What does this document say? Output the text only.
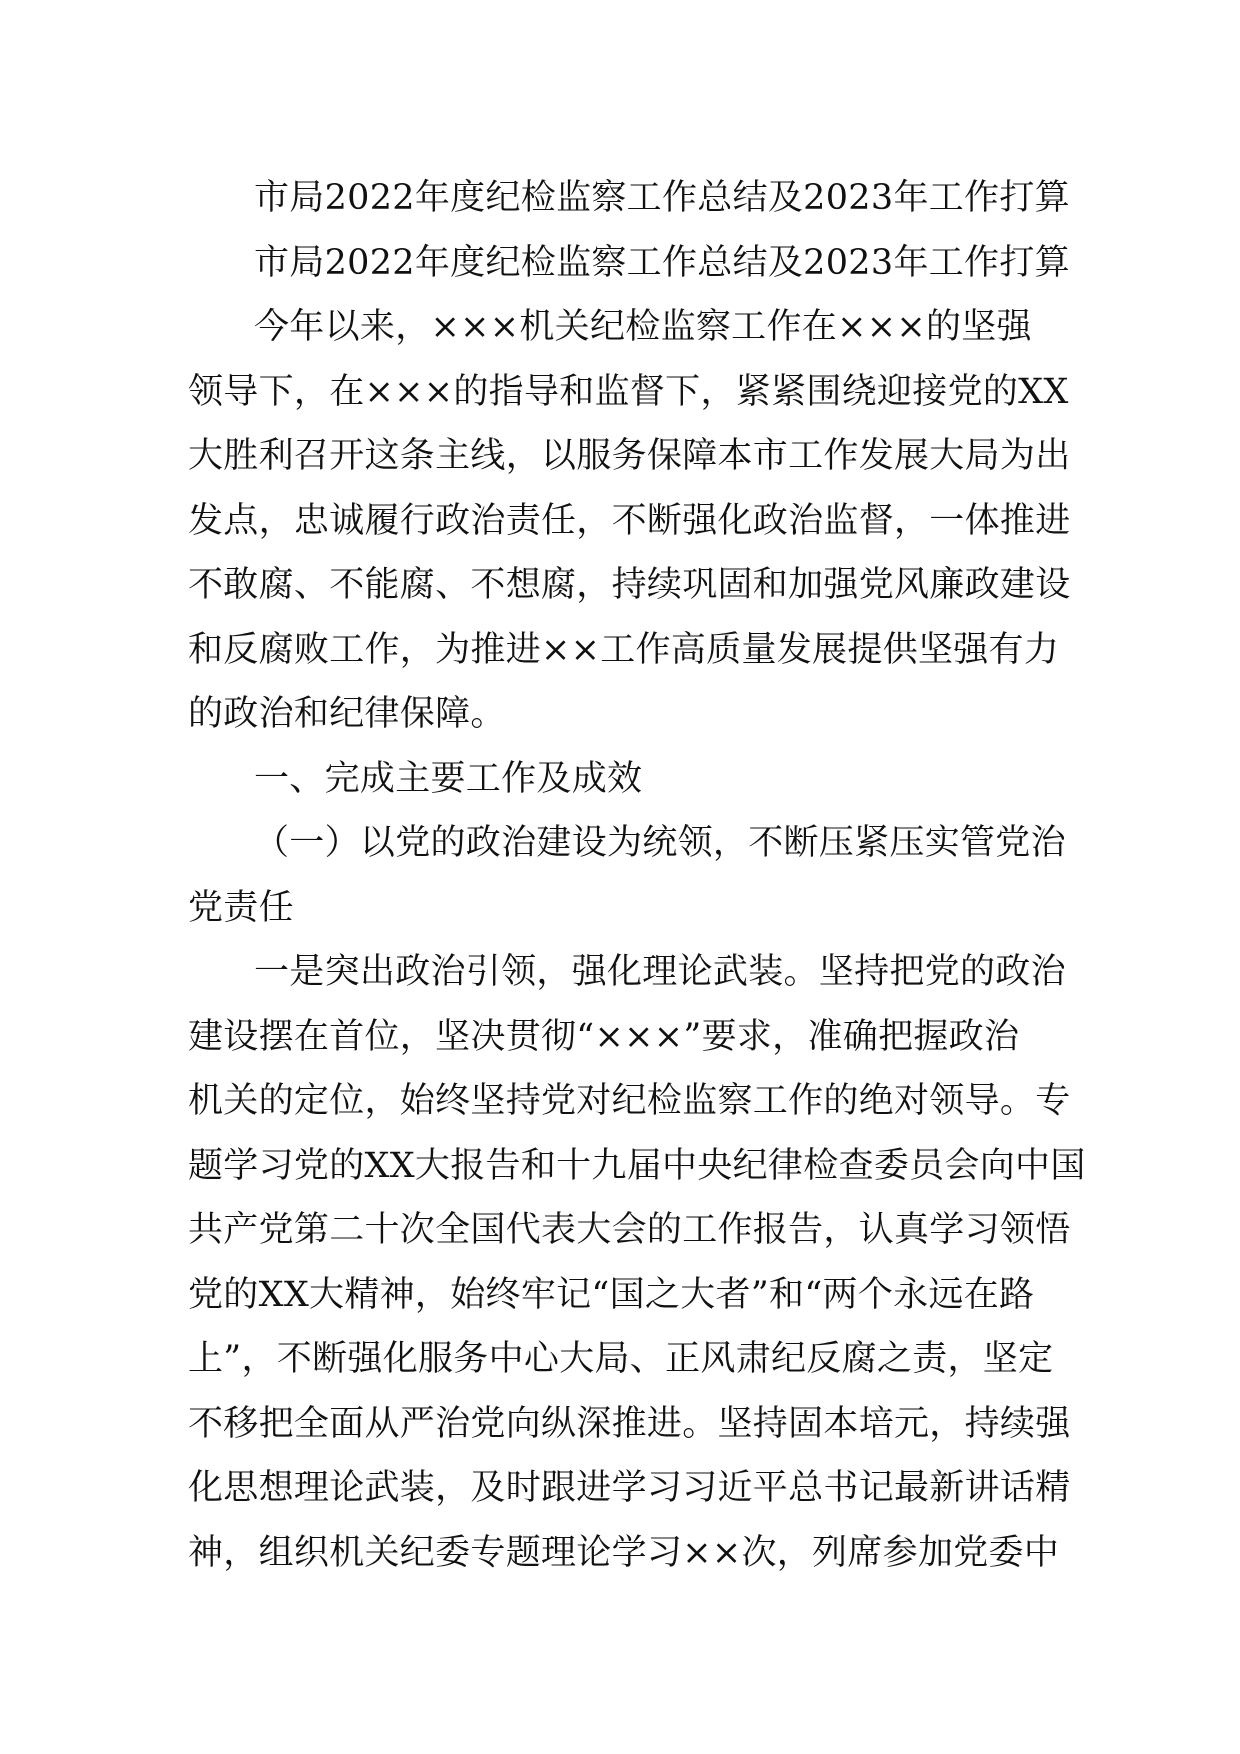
市局2022年度纪检监察工作总结及2023年工作打算
市局2022年度纪检监察工作总结及2023年工作打算
今年以来，×××机关纪检监察工作在×××的坚强
领导下，在×××的指导和监督下，紧紧围绕迎接党的XX
大胜利召开这条主线，以服务保障本市工作发展大局为出
发点，忠诚履行政治责任，不断强化政治监督，一体推进
不敢腐、不能腐、不想腐，持续巩固和加强党风廉政建设
和反腐败工作，为推进××工作高质量发展提供坚强有力
的政治和纪律保障。
一、完成主要工作及成效
（一）以党的政治建设为统领，不断压紧压实管党治
党责任
一是突出政治引领，强化理论武装。坚持把党的政治
建设摆在首位，坚决贯彻“×××”要求，准确把握政治
机关的定位，始终坚持党对纪检监察工作的绝对领导。专
题学习党的XX大报告和十九届中央纪律检查委员会向中国
共产党第二十次全国代表大会的工作报告，认真学习领悟
党的XX大精神，始终牢记“国之大者”和“两个永远在路
上”，不断强化服务中心大局、正风肃纪反腐之责，坚定
不移把全面从严治党向纵深推进。坚持固本培元，持续强
化思想理论武装，及时跟进学习习近平总书记最新讲话精
神，组织机关纪委专题理论学习××次，列席参加党委中
